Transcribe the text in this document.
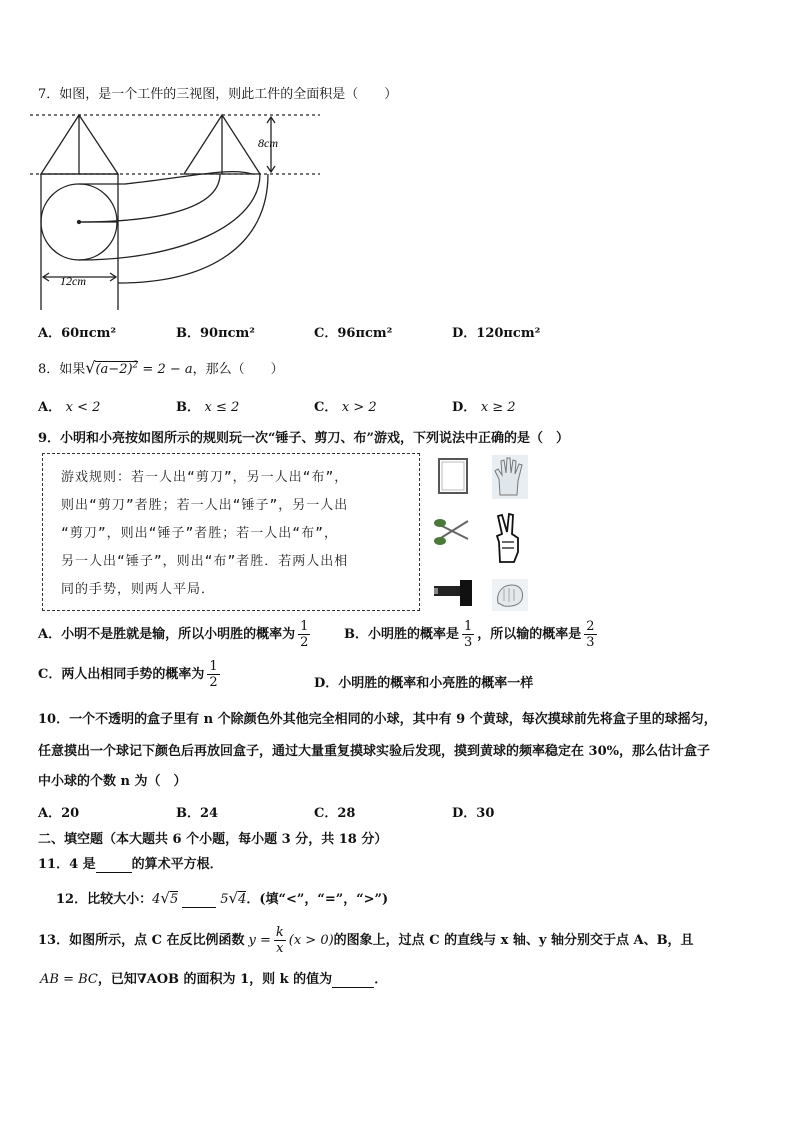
7．如图，是一个工件的三视图，则此工件的全面积是（　　）
8cm
12cm
A．60πcm²	B．90πcm²	C．96πcm²	D．120πcm²
8．如果$√(a-2)^2 = 2 - a$，那么（　　）
A． x < 2	B． x ≤ 2	C． x > 2	D． x ≥ 2
9．小明和小亮按如图所示的规则玩一次“锤子、剪刀、布”游戏，下列说法中正确的是（　）

游戏规则：若一人出“剪刀”，另一人出“布”，

则出“剪刀”者胜；若一人出“锤子”，另一人出

“剪刀”，则出“锤子”者胜；若一人出“布”，

另一人出“锤子”，则出“布”者胜．若两人出相

同的手势，则两人平局．

A．小明不是胜就是输，所以小明胜的概率为 $\frac{1}{2}$	B．小明胜的概率是 $\frac{1}{3}$ ，所以输的概率是 $\frac{2}{3}$
C．两人出相同手势的概率为 $\frac{1}{2}$	D．小明胜的概率和小亮胜的概率一样
10．一个不透明的盒子里有 n 个除颜色外其他完全相同的小球，其中有 9 个黄球，每次摸球前先将盒子里的球摇匀，
任意摸出一个球记下颜色后再放回盒子，通过大量重复摸球实验后发现，摸到黄球的频率稳定在 30%，那么估计盒子
中小球的个数 n 为（　）
A．20	B．24	C．28	D．30
二、填空题（本大题共 6 个小题，每小题 3 分，共 18 分）
11．4 是	的算术平方根．
12．比较大小：4√5	5√4．(填“<”，“=”，“>”)
13．如图所示，点 C 在反比例函数 $y = \frac{k}{x} (x > 0)$的图象上，过点 C 的直线与 x 轴、y 轴分别交于点 A、B，且
AB = BC，已知∇AOB 的面积为 1，则 k 的值为	．
